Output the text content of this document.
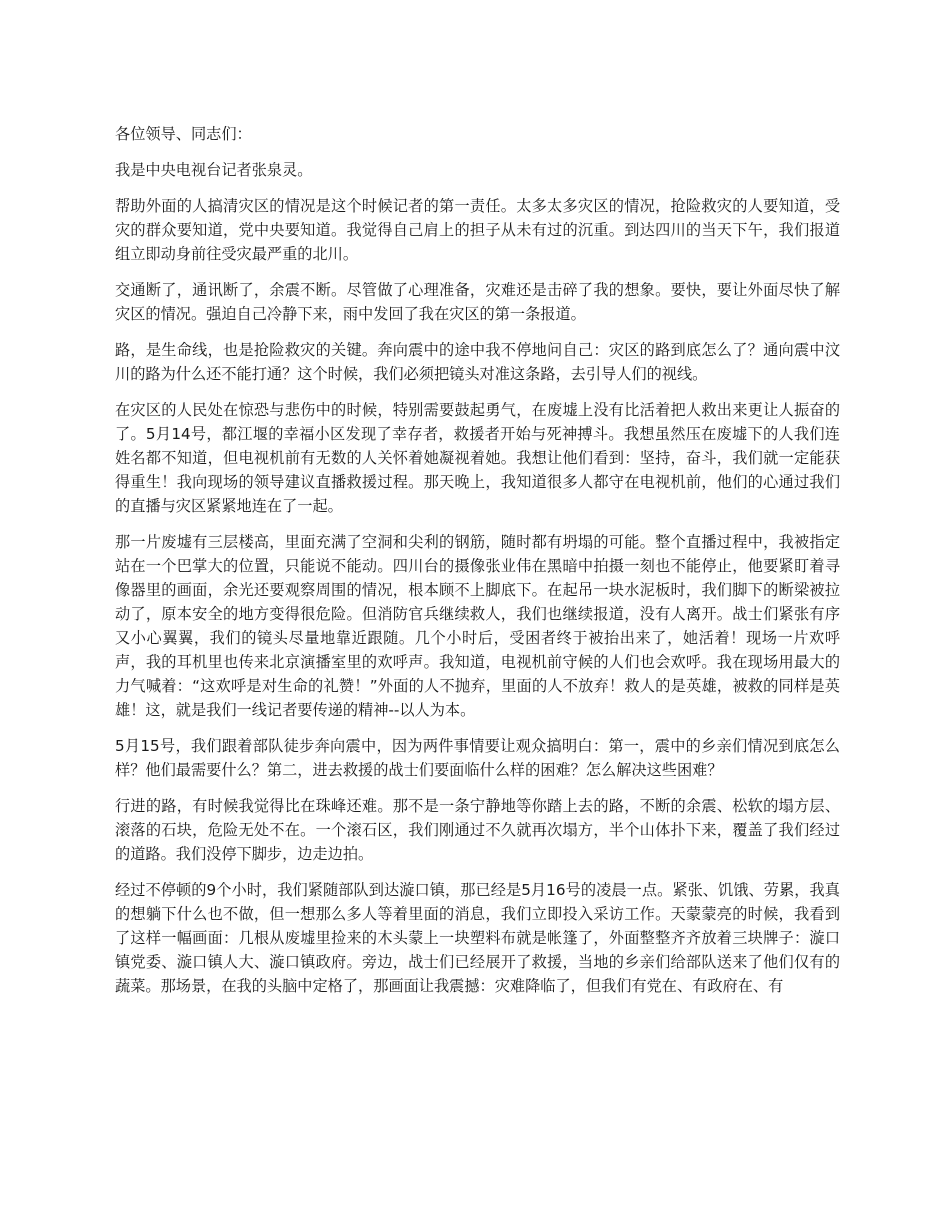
各位领导、同志们：

我是中央电视台记者张泉灵。

帮助外面的人搞清灾区的情况是这个时候记者的第一责任。太多太多灾区的情况，抢险救灾的人要知道，受灾的群众要知道，党中央要知道。我觉得自己肩上的担子从未有过的沉重。到达四川的当天下午，我们报道组立即动身前往受灾最严重的北川。

交通断了，通讯断了，余震不断。尽管做了心理准备，灾难还是击碎了我的想象。要快，要让外面尽快了解灾区的情况。强迫自己冷静下来，雨中发回了我在灾区的第一条报道。

路，是生命线，也是抢险救灾的关键。奔向震中的途中我不停地问自己：灾区的路到底怎么了？通向震中汶川的路为什么还不能打通？这个时候，我们必须把镜头对准这条路，去引导人们的视线。

在灾区的人民处在惊恐与悲伤中的时候，特别需要鼓起勇气，在废墟上没有比活着把人救出来更让人振奋的了。5月14号，都江堰的幸福小区发现了幸存者，救援者开始与死神搏斗。我想虽然压在废墟下的人我们连姓名都不知道，但电视机前有无数的人关怀着她凝视着她。我想让他们看到：坚持，奋斗，我们就一定能获得重生！我向现场的领导建议直播救援过程。那天晚上，我知道很多人都守在电视机前，他们的心通过我们的直播与灾区紧紧地连在了一起。

那一片废墟有三层楼高，里面充满了空洞和尖利的钢筋，随时都有坍塌的可能。整个直播过程中，我被指定站在一个巴掌大的位置，只能说不能动。四川台的摄像张业伟在黑暗中拍摄一刻也不能停止，他要紧盯着寻像器里的画面，余光还要观察周围的情况，根本顾不上脚底下。在起吊一块水泥板时，我们脚下的断梁被拉动了，原本安全的地方变得很危险。但消防官兵继续救人，我们也继续报道，没有人离开。战士们紧张有序又小心翼翼，我们的镜头尽量地靠近跟随。几个小时后，受困者终于被抬出来了，她活着！现场一片欢呼声，我的耳机里也传来北京演播室里的欢呼声。我知道，电视机前守候的人们也会欢呼。我在现场用最大的力气喊着：“这欢呼是对生命的礼赞！”外面的人不抛弃，里面的人不放弃！救人的是英雄，被救的同样是英雄！这，就是我们一线记者要传递的精神--以人为本。

5月15号，我们跟着部队徒步奔向震中，因为两件事情要让观众搞明白：第一，震中的乡亲们情况到底怎么样？他们最需要什么？第二，进去救援的战士们要面临什么样的困难？怎么解决这些困难？

行进的路，有时候我觉得比在珠峰还难。那不是一条宁静地等你踏上去的路，不断的余震、松软的塌方层、滚落的石块，危险无处不在。一个滚石区，我们刚通过不久就再次塌方，半个山体扑下来，覆盖了我们经过的道路。我们没停下脚步，边走边拍。

经过不停顿的9个小时，我们紧随部队到达漩口镇，那已经是5月16号的凌晨一点。紧张、饥饿、劳累，我真的想躺下什么也不做，但一想那么多人等着里面的消息，我们立即投入采访工作。天蒙蒙亮的时候，我看到了这样一幅画面：几根从废墟里捡来的木头蒙上一块塑料布就是帐篷了，外面整整齐齐放着三块牌子：漩口镇党委、漩口镇人大、漩口镇政府。旁边，战士们已经展开了救援，当地的乡亲们给部队送来了他们仅有的蔬菜。那场景，在我的头脑中定格了，那画面让我震撼：灾难降临了，但我们有党在、有政府在、有
